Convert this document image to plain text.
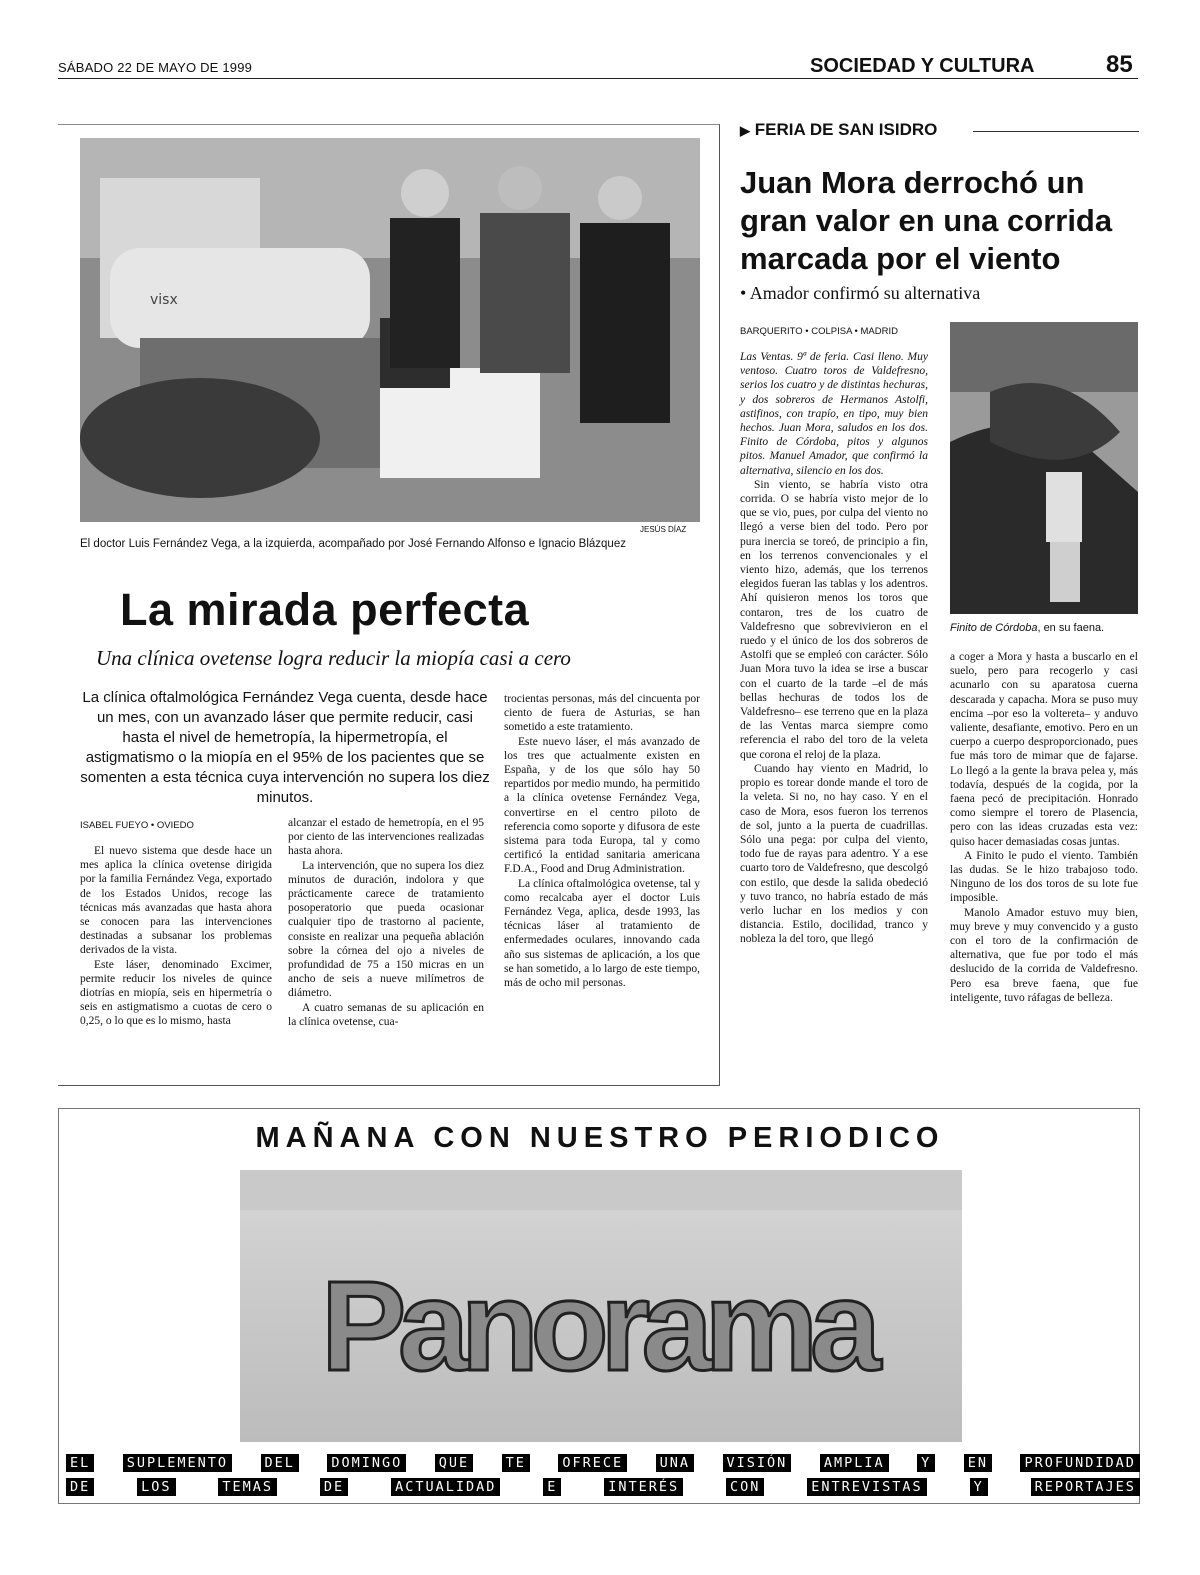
SÁBADO 22 DE MAYO DE 1999	SOCIEDAD Y CULTURA	85
visx
JESÚS DÍAZ
El doctor Luis Fernández Vega, a la izquierda, acompañado por José Fernando Alfonso e Ignacio Blázquez
La mirada perfecta
Una clínica ovetense logra reducir la miopía casi a cero
La clínica oftalmológica Fernández Vega cuenta, desde hace un mes, con un avanzado láser que permite reducir, casi hasta el nivel de hemetropía, la hipermetropía, el astigmatismo o la miopía en el 95% de los pacientes que se somenten a esta técnica cuya intervención no supera los diez minutos.
ISABEL FUEYO • OVIEDO

El nuevo sistema que desde hace un mes aplica la clínica ovetense dirigida por la familia Fernández Vega, exportado de los Estados Unidos, recoge las técnicas más avanzadas que hasta ahora se conocen para las intervenciones destinadas a subsanar los problemas derivados de la vista.

Este láser, denominado Excimer, permite reducir los niveles de quince diotrías en miopía, seis en hipermetría o seis en astigmatismo a cuotas de cero o 0,25, o lo que es lo mismo, hasta

alcanzar el estado de hemetropía, en el 95 por ciento de las intervenciones realizadas hasta ahora.

La intervención, que no supera los diez minutos de duración, indolora y que prácticamente carece de tratamiento posoperatorio que pueda ocasionar cualquier tipo de trastorno al paciente, consiste en realizar una pequeña ablación sobre la córnea del ojo a niveles de profundidad de 75 a 150 micras en un ancho de seis a nueve milímetros de diámetro.

A cuatro semanas de su aplicación en la clínica ovetense, cua-

trocientas personas, más del cincuenta por ciento de fuera de Asturias, se han sometido a este tratamiento.

Este nuevo láser, el más avanzado de los tres que actualmente existen en España, y de los que sólo hay 50 repartidos por medio mundo, ha permitido a la clínica ovetense Fernández Vega, convertirse en el centro piloto de referencia como soporte y difusora de este sistema para toda Europa, tal y como certificó la entidad sanitaria americana F.D.A., Food and Drug Administration.

La clínica oftalmológica ovetense, tal y como recalcaba ayer el doctor Luis Fernández Vega, aplica, desde 1993, las técnicas láser al tratamiento de enfermedades oculares, innovando cada año sus sistemas de aplicación, a los que se han sometido, a lo largo de este tiempo, más de ocho mil personas.

▶ FERIA DE SAN ISIDRO
Juan Mora derrochó un gran valor en una corrida marcada por el viento
• Amador confirmó su alternativa
BARQUERITO • COLPISA • MADRID
Finito de Córdoba, en su faena.

Las Ventas. 9ª de feria. Casi lleno. Muy ventoso. Cuatro toros de Valdefresno, serios los cuatro y de distintas hechuras, y dos sobreros de Hermanos Astolfi, astifinos, con trapío, en tipo, muy bien hechos. Juan Mora, saludos en los dos. Finito de Córdoba, pitos y algunos pitos. Manuel Amador, que confirmó la alternativa, silencio en los dos.

Sin viento, se habría visto otra corrida. O se habría visto mejor de lo que se vio, pues, por culpa del viento no llegó a verse bien del todo. Pero por pura inercia se toreó, de principio a fin, en los terrenos convencionales y el viento hizo, además, que los terrenos elegidos fueran las tablas y los adentros. Ahí quisieron menos los toros que contaron, tres de los cuatro de Valdefresno que sobrevivieron en el ruedo y el único de los dos sobreros de Astolfi que se empleó con carácter. Sólo Juan Mora tuvo la idea se irse a buscar con el cuarto de la tarde –el de más bellas hechuras de todos los de Valdefresno– ese terreno que en la plaza de las Ventas marca siempre como referencia el rabo del toro de la veleta que corona el reloj de la plaza.

Cuando hay viento en Madrid, lo propio es torear donde mande el toro de la veleta. Si no, no hay caso. Y en el caso de Mora, esos fueron los terrenos de sol, junto a la puerta de cuadrillas. Sólo una pega: por culpa del viento, todo fue de rayas para adentro. Y a ese cuarto toro de Valdefresno, que descolgó con estilo, que desde la salida obedeció y tuvo tranco, no habría estado de más verlo luchar en los medios y con distancia. Estilo, docilidad, tranco y nobleza la del toro, que llegó

a coger a Mora y hasta a buscarlo en el suelo, pero para recogerlo y casi acunarlo con su aparatosa cuerna descarada y capacha. Mora se puso muy encima –por eso la voltereta– y anduvo valiente, desafiante, emotivo. Pero en un cuerpo a cuerpo desproporcionado, pues fue más toro de mimar que de fajarse. Lo llegó a la gente la brava pelea y, más todavía, después de la cogida, por la faena pecó de precipitación. Honrado como siempre el torero de Plasencia, pero con las ideas cruzadas esta vez: quiso hacer demasiadas cosas juntas.

A Finito le pudo el viento. También las dudas. Se le hizo trabajoso todo. Ninguno de los dos toros de su lote fue imposible.

Manolo Amador estuvo muy bien, muy breve y muy convencido y a gusto con el toro de la confirmación de alternativa, que fue por todo el más deslucido de la corrida de Valdefresno. Pero esa breve faena, que fue inteligente, tuvo ráfagas de belleza.

MAÑANA CON NUESTRO PERIODICO
Panorama
EL	SUPLEMENTO	DEL	DOMINGO	QUE	TE	OFRECE	UNA	VISIÓN	AMPLIA	Y	EN	PROFUNDIDAD
DE	LOS	TEMAS	DE	ACTUALIDAD	E	INTERÉS	CON	ENTREVISTAS	Y	REPORTAJES
